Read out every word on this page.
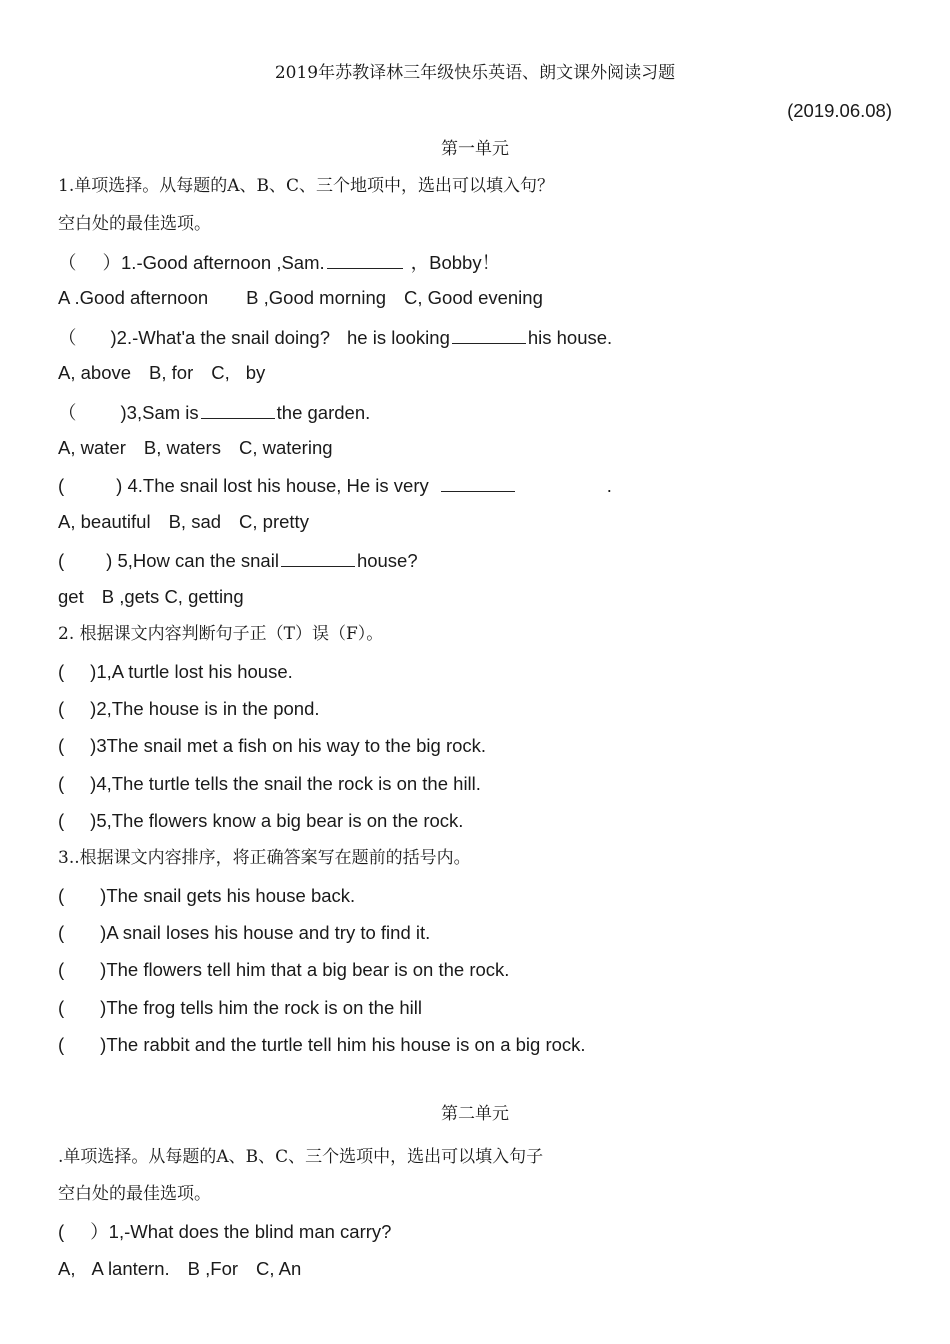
2019年苏教译林三年级快乐英语、朗文课外阅读习题
(2019.06.08)
第一单元
1.单项选择。从每题的A、B、C、三个地项中，选出可以填入句？
空白处的最佳选项。
（ ）1.-Good afternoon ,Sam.	，Bobby！
A .Good afternoon B ,Good morning C, Good evening
（ )2.-What'a the snail doing? he is looking	his house.
A, above B, for C, by
（ )3,Sam is	the garden.
A, water B, waters C, watering
(	) 4.The snail lost his house, He is very	.
A, beautiful B, sad C, pretty
( ) 5,How can the snail	house?
get B ,gets C, getting
2. 根据课文内容判断句子正（T）误（F）。
( )1,A turtle lost his house.
( )2,The house is in the pond.
( )3The snail met a fish on his way to the big rock.
( )4,The turtle tells the snail the rock is on the hill.
( )5,The flowers know a big bear is on the rock.
3..根据课文内容排序，将正确答案写在题前的括号内。
( )The snail gets his house back.
( )A snail loses his house and try to find it.
( )The flowers tell him that a big bear is on the rock.
( )The frog tells him the rock is on the hill
( )The rabbit and the turtle tell him his house is on a big rock.
第二单元
.单项选择。从每题的A、B、C、三个选项中，选出可以填入句子
空白处的最佳选项。
( ）1,-What does the blind man carry?
A, A lantern. B ,For C, An
